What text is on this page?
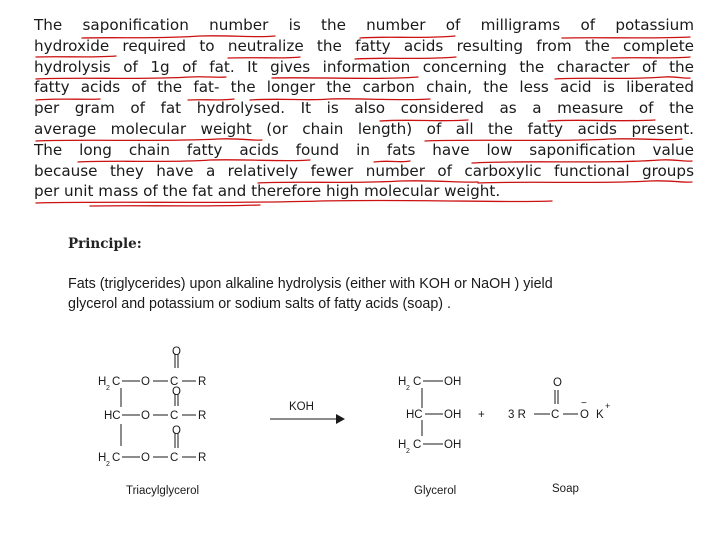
The saponification number is the number of milligrams of potassium
hydroxide required to neutralize the fatty acids resulting from the complete
hydrolysis of 1g of fat. It gives information concerning the character of the
fatty acids of the fat- the longer the carbon chain, the less acid is liberated
per gram of fat hydrolysed. It is also considered as a measure of the
average molecular weight (or chain length) of all the fatty acids present.
The long chain fatty acids found in fats have low saponification value
because they have a relatively fewer number of carboxylic functional groups
per unit mass of the fat and therefore high molecular weight.
Principle:
Fats (triglycerides) upon alkaline hydrolysis (either with KOH or NaOH ) yield
glycerol and potassium or sodium salts of fatty acids (soap) .
O
H
2
C O C R
O
HC O C R
O
H
2
C O C R
Triacylglycerol
KOH
H
2
C OH
HC OH
H
2
C OH
+
O
3 R C O
−
K
+
Glycerol	Soap
